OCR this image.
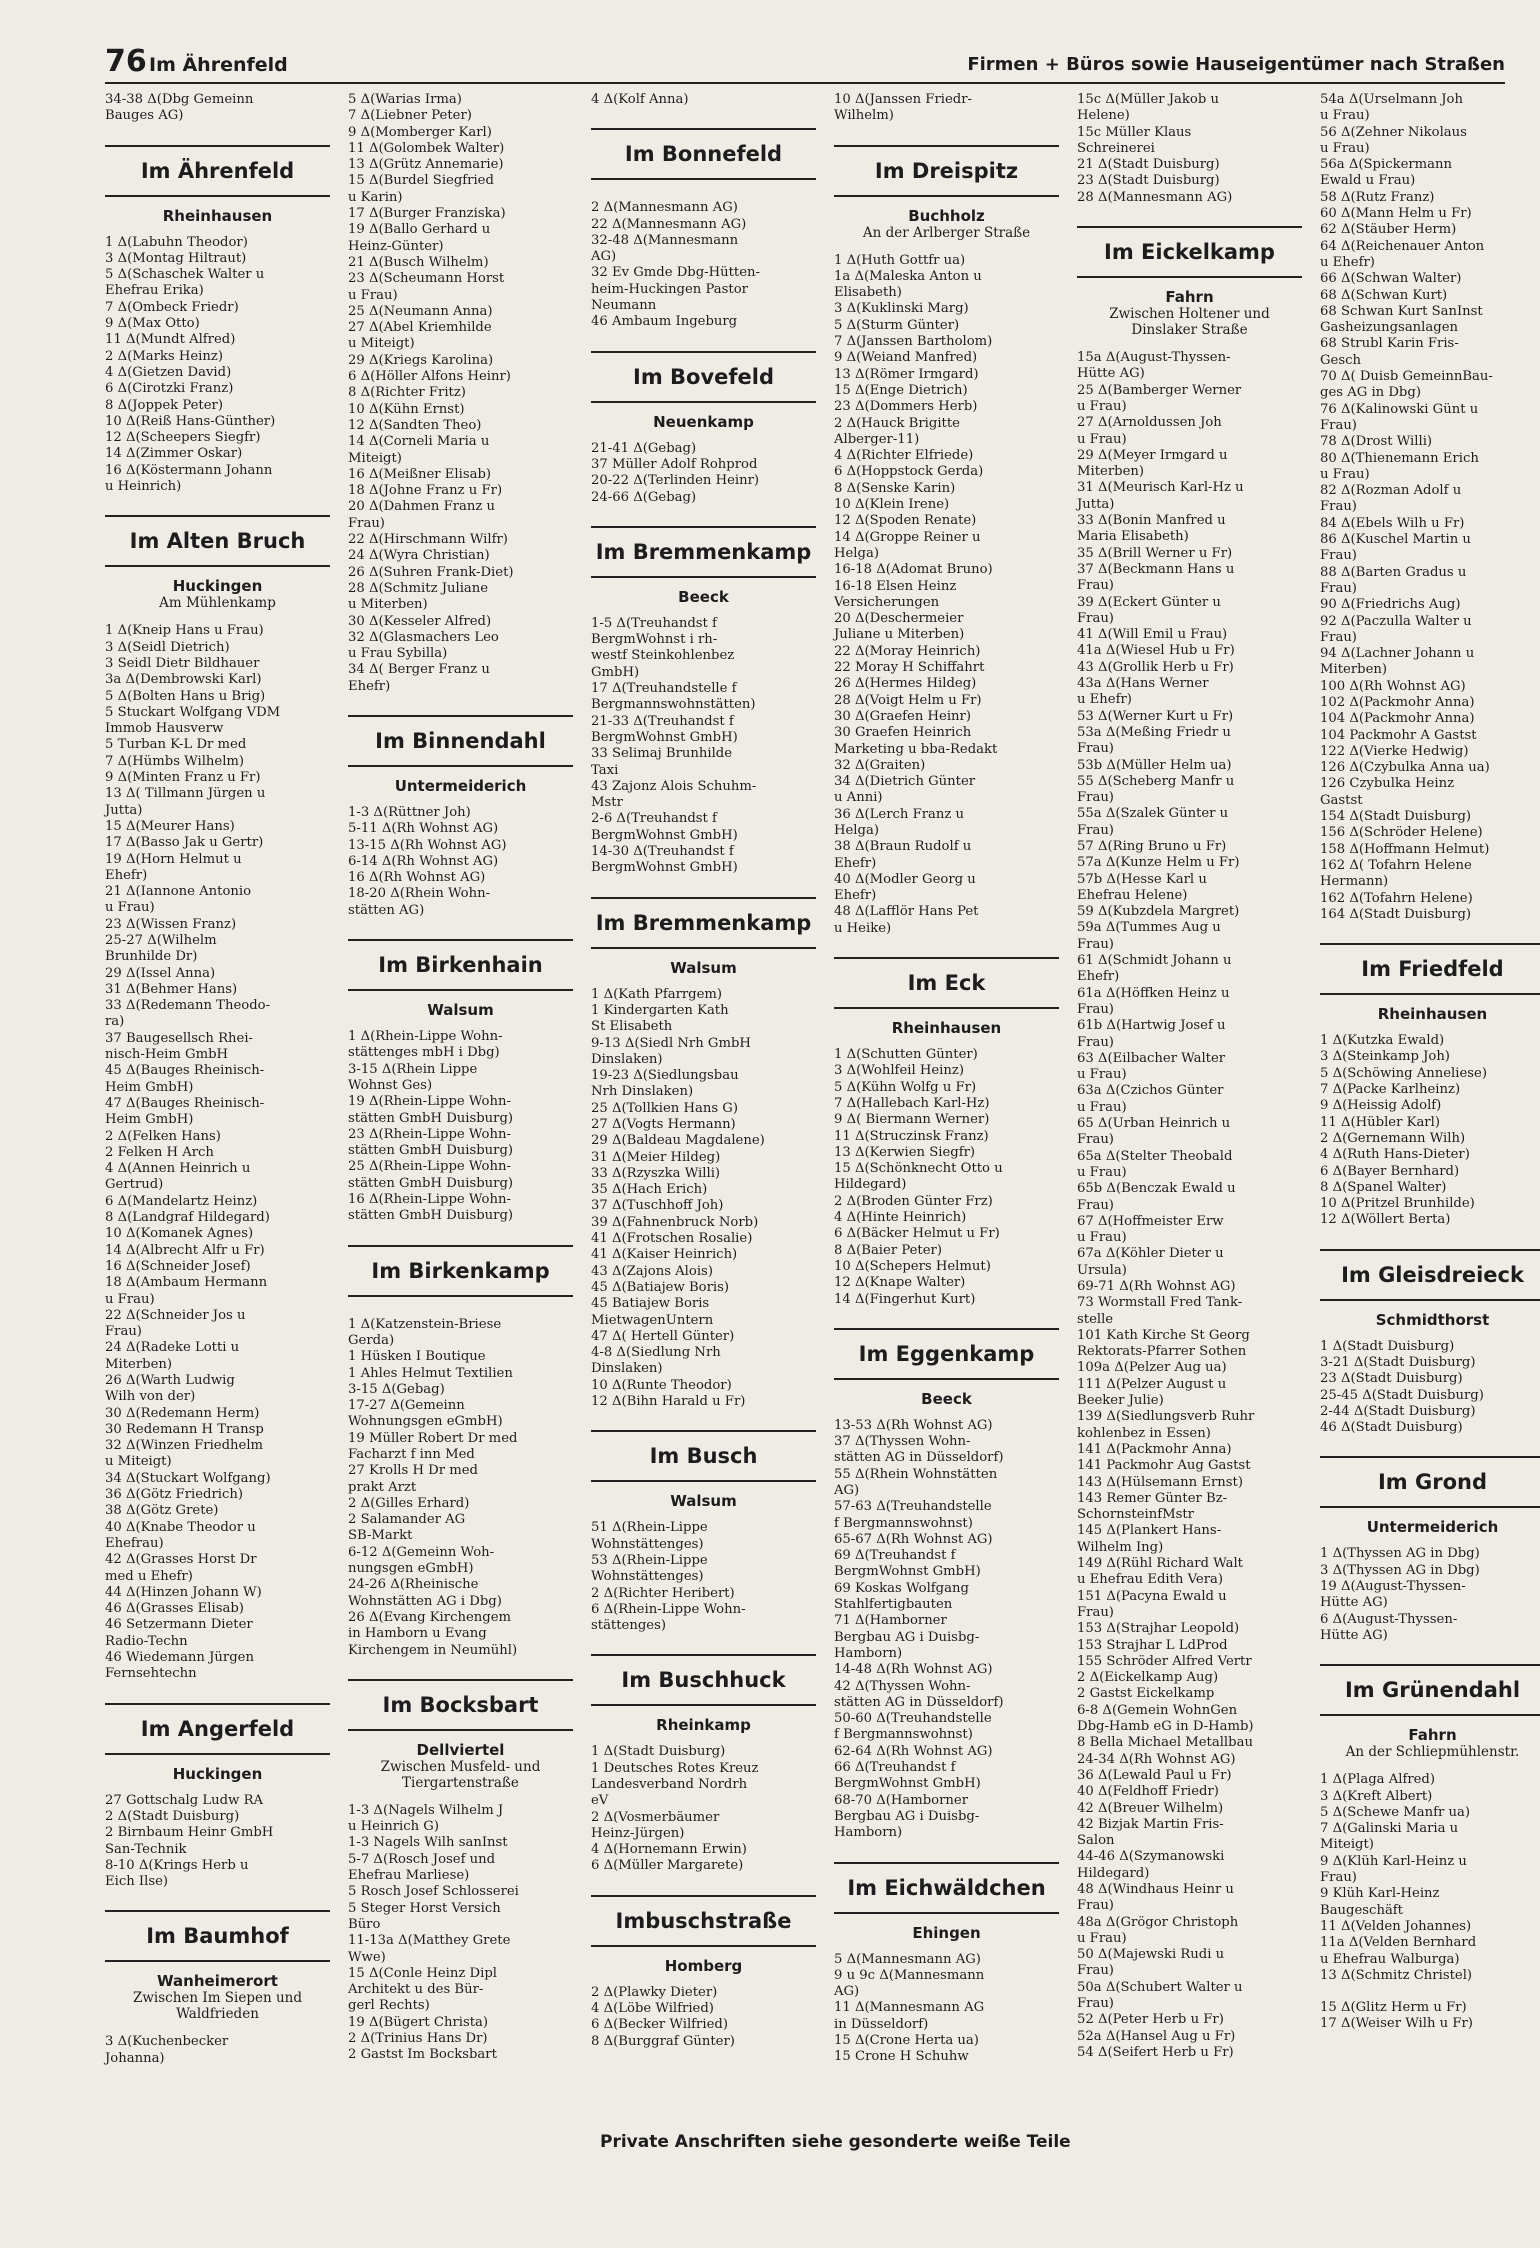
76 Im Ährenfeld	Firmen + Büros sowie Hauseigentümer nach Straßen
34-38 Δ(Dbg Gemeinn
Bauges AG)
Im Ährenfeld
Rheinhausen
1 Δ(Labuhn Theodor)
3 Δ(Montag Hiltraut)
5 Δ(Schaschek Walter u
Ehefrau Erika)
7 Δ(Ombeck Friedr)
9 Δ(Max Otto)
11 Δ(Mundt Alfred)
2 Δ(Marks Heinz)
4 Δ(Gietzen David)
6 Δ(Cirotzki Franz)
8 Δ(Joppek Peter)
10 Δ(Reiß Hans-Günther)
12 Δ(Scheepers Siegfr)
14 Δ(Zimmer Oskar)
16 Δ(Köstermann Johann
u Heinrich)
Im Alten Bruch
Huckingen
Am Mühlenkamp
1 Δ(Kneip Hans u Frau)
3 Δ(Seidl Dietrich)
3 Seidl Dietr Bildhauer
3a Δ(Dembrowski Karl)
5 Δ(Bolten Hans u Brig)
5 Stuckart Wolfgang VDM
Immob Hausverw
5 Turban K-L Dr med
7 Δ(Hümbs Wilhelm)
9 Δ(Minten Franz u Fr)
13 Δ( Tillmann Jürgen u
Jutta)
15 Δ(Meurer Hans)
17 Δ(Basso Jak u Gertr)
19 Δ(Horn Helmut u
Ehefr)
21 Δ(Iannone Antonio
u Frau)
23 Δ(Wissen Franz)
25-27 Δ(Wilhelm
Brunhilde Dr)
29 Δ(Issel Anna)
31 Δ(Behmer Hans)
33 Δ(Redemann Theodo-
ra)
37 Baugesellsch Rhei-
nisch-Heim GmbH
45 Δ(Bauges Rheinisch-
Heim GmbH)
47 Δ(Bauges Rheinisch-
Heim GmbH)
2 Δ(Felken Hans)
2 Felken H Arch
4 Δ(Annen Heinrich u
Gertrud)
6 Δ(Mandelartz Heinz)
8 Δ(Landgraf Hildegard)
10 Δ(Komanek Agnes)
14 Δ(Albrecht Alfr u Fr)
16 Δ(Schneider Josef)
18 Δ(Ambaum Hermann
u Frau)
22 Δ(Schneider Jos u
Frau)
24 Δ(Radeke Lotti u
Miterben)
26 Δ(Warth Ludwig
Wilh von der)
30 Δ(Redemann Herm)
30 Redemann H Transp
32 Δ(Winzen Friedhelm
u Miteigt)
34 Δ(Stuckart Wolfgang)
36 Δ(Götz Friedrich)
38 Δ(Götz Grete)
40 Δ(Knabe Theodor u
Ehefrau)
42 Δ(Grasses Horst Dr
med u Ehefr)
44 Δ(Hinzen Johann W)
46 Δ(Grasses Elisab)
46 Setzermann Dieter
Radio-Techn
46 Wiedemann Jürgen
Fernsehtechn
Im Angerfeld
Huckingen
27 Gottschalg Ludw RA
2 Δ(Stadt Duisburg)
2 Birnbaum Heinr GmbH
San-Technik
8-10 Δ(Krings Herb u
Eich Ilse)
Im Baumhof
Wanheimerort
Zwischen Im Siepen und Waldfrieden
3 Δ(Kuchenbecker
Johanna)
5 Δ(Warias Irma)
7 Δ(Liebner Peter)
9 Δ(Momberger Karl)
11 Δ(Golombek Walter)
13 Δ(Grütz Annemarie)
15 Δ(Burdel Siegfried
u Karin)
17 Δ(Burger Franziska)
19 Δ(Ballo Gerhard u
Heinz-Günter)
21 Δ(Busch Wilhelm)
23 Δ(Scheumann Horst
u Frau)
25 Δ(Neumann Anna)
27 Δ(Abel Kriemhilde
u Miteigt)
29 Δ(Kriegs Karolina)
6 Δ(Höller Alfons Heinr)
8 Δ(Richter Fritz)
10 Δ(Kühn Ernst)
12 Δ(Sandten Theo)
14 Δ(Corneli Maria u
Miteigt)
16 Δ(Meißner Elisab)
18 Δ(Johne Franz u Fr)
20 Δ(Dahmen Franz u
Frau)
22 Δ(Hirschmann Wilfr)
24 Δ(Wyra Christian)
26 Δ(Suhren Frank-Diet)
28 Δ(Schmitz Juliane
u Miterben)
30 Δ(Kesseler Alfred)
32 Δ(Glasmachers Leo
u Frau Sybilla)
34 Δ( Berger Franz u
Ehefr)
Im Binnendahl
Untermeiderich
1-3 Δ(Rüttner Joh)
5-11 Δ(Rh Wohnst AG)
13-15 Δ(Rh Wohnst AG)
6-14 Δ(Rh Wohnst AG)
16 Δ(Rh Wohnst AG)
18-20 Δ(Rhein Wohn-
stätten AG)
Im Birkenhain
Walsum
1 Δ(Rhein-Lippe Wohn-
stättenges mbH i Dbg)
3-15 Δ(Rhein Lippe
Wohnst Ges)
19 Δ(Rhein-Lippe Wohn-
stätten GmbH Duisburg)
23 Δ(Rhein-Lippe Wohn-
stätten GmbH Duisburg)
25 Δ(Rhein-Lippe Wohn-
stätten GmbH Duisburg)
16 Δ(Rhein-Lippe Wohn-
stätten GmbH Duisburg)
Im Birkenkamp
1 Δ(Katzenstein-Briese
Gerda)
1 Hüsken I Boutique
1 Ahles Helmut Textilien
3-15 Δ(Gebag)
17-27 Δ(Gemeinn
Wohnungsgen eGmbH)
19 Müller Robert Dr med
Facharzt f inn Med
27 Krolls H Dr med
prakt Arzt
2 Δ(Gilles Erhard)
2 Salamander AG
SB-Markt
6-12 Δ(Gemeinn Woh-
nungsgen eGmbH)
24-26 Δ(Rheinische
Wohnstätten AG i Dbg)
26 Δ(Evang Kirchengem
in Hamborn u Evang
Kirchengem in Neumühl)
Im Bocksbart
Dellviertel
Zwischen Musfeld- und Tiergartenstraße
1-3 Δ(Nagels Wilhelm J
u Heinrich G)
1-3 Nagels Wilh sanInst
5-7 Δ(Rosch Josef und
Ehefrau Marliese)
5 Rosch Josef Schlosserei
5 Steger Horst Versich
Büro
11-13a Δ(Matthey Grete
Wwe)
15 Δ(Conle Heinz Dipl
Architekt u des Bür-
gerl Rechts)
19 Δ(Bügert Christa)
2 Δ(Trinius Hans Dr)
2 Gastst Im Bocksbart
4 Δ(Kolf Anna)
Im Bonnefeld
2 Δ(Mannesmann AG)
22 Δ(Mannesmann AG)
32-48 Δ(Mannesmann
AG)
32 Ev Gmde Dbg-Hütten-
heim-Huckingen Pastor
Neumann
46 Ambaum Ingeburg
Im Bovefeld
Neuenkamp
21-41 Δ(Gebag)
37 Müller Adolf Rohprod
20-22 Δ(Terlinden Heinr)
24-66 Δ(Gebag)
Im Bremmenkamp
Beeck
1-5 Δ(Treuhandst f
BergmWohnst i rh-
westf Steinkohlenbez
GmbH)
17 Δ(Treuhandstelle f
Bergmannswohnstätten)
21-33 Δ(Treuhandst f
BergmWohnst GmbH)
33 Selimaj Brunhilde
Taxi
43 Zajonz Alois Schuhm-
Mstr
2-6 Δ(Treuhandst f
BergmWohnst GmbH)
14-30 Δ(Treuhandst f
BergmWohnst GmbH)
Im Bremmenkamp
Walsum
1 Δ(Kath Pfarrgem)
1 Kindergarten Kath
St Elisabeth
9-13 Δ(Siedl Nrh GmbH
Dinslaken)
19-23 Δ(Siedlungsbau
Nrh Dinslaken)
25 Δ(Tollkien Hans G)
27 Δ(Vogts Hermann)
29 Δ(Baldeau Magdalene)
31 Δ(Meier Hildeg)
33 Δ(Rzyszka Willi)
35 Δ(Hach Erich)
37 Δ(Tuschhoff Joh)
39 Δ(Fahnenbruck Norb)
41 Δ(Frotschen Rosalie)
41 Δ(Kaiser Heinrich)
43 Δ(Zajons Alois)
45 Δ(Batiajew Boris)
45 Batiajew Boris
MietwagenUntern
47 Δ( Hertell Günter)
4-8 Δ(Siedlung Nrh
Dinslaken)
10 Δ(Runte Theodor)
12 Δ(Bihn Harald u Fr)
Im Busch
Walsum
51 Δ(Rhein-Lippe
Wohnstättenges)
53 Δ(Rhein-Lippe
Wohnstättenges)
2 Δ(Richter Heribert)
6 Δ(Rhein-Lippe Wohn-
stättenges)
Im Buschhuck
Rheinkamp
1 Δ(Stadt Duisburg)
1 Deutsches Rotes Kreuz
Landesverband Nordrh
eV
2 Δ(Vosmerbäumer
Heinz-Jürgen)
4 Δ(Hornemann Erwin)
6 Δ(Müller Margarete)
Imbuschstraße
Homberg
2 Δ(Plawky Dieter)
4 Δ(Löbe Wilfried)
6 Δ(Becker Wilfried)
8 Δ(Burggraf Günter)
10 Δ(Janssen Friedr-
Wilhelm)
Im Dreispitz
Buchholz
An der Arlberger Straße
1 Δ(Huth Gottfr ua)
1a Δ(Maleska Anton u
Elisabeth)
3 Δ(Kuklinski Marg)
5 Δ(Sturm Günter)
7 Δ(Janssen Bartholom)
9 Δ(Weiand Manfred)
13 Δ(Römer Irmgard)
15 Δ(Enge Dietrich)
23 Δ(Dommers Herb)
2 Δ(Hauck Brigitte
Alberger-11)
4 Δ(Richter Elfriede)
6 Δ(Hoppstock Gerda)
8 Δ(Senske Karin)
10 Δ(Klein Irene)
12 Δ(Spoden Renate)
14 Δ(Groppe Reiner u
Helga)
16-18 Δ(Adomat Bruno)
16-18 Elsen Heinz
Versicherungen
20 Δ(Deschermeier
Juliane u Miterben)
22 Δ(Moray Heinrich)
22 Moray H Schiffahrt
26 Δ(Hermes Hildeg)
28 Δ(Voigt Helm u Fr)
30 Δ(Graefen Heinr)
30 Graefen Heinrich
Marketing u bba-Redakt
32 Δ(Graiten)
34 Δ(Dietrich Günter
u Anni)
36 Δ(Lerch Franz u
Helga)
38 Δ(Braun Rudolf u
Ehefr)
40 Δ(Modler Georg u
Ehefr)
48 Δ(Lafflör Hans Pet
u Heike)
Im Eck
Rheinhausen
1 Δ(Schutten Günter)
3 Δ(Wohlfeil Heinz)
5 Δ(Kühn Wolfg u Fr)
7 Δ(Hallebach Karl-Hz)
9 Δ( Biermann Werner)
11 Δ(Struczinsk Franz)
13 Δ(Kerwien Siegfr)
15 Δ(Schönknecht Otto u
Hildegard)
2 Δ(Broden Günter Frz)
4 Δ(Hinte Heinrich)
6 Δ(Bäcker Helmut u Fr)
8 Δ(Baier Peter)
10 Δ(Schepers Helmut)
12 Δ(Knape Walter)
14 Δ(Fingerhut Kurt)
Im Eggenkamp
Beeck
13-53 Δ(Rh Wohnst AG)
37 Δ(Thyssen Wohn-
stätten AG in Düsseldorf)
55 Δ(Rhein Wohnstätten
AG)
57-63 Δ(Treuhandstelle
f Bergmannswohnst)
65-67 Δ(Rh Wohnst AG)
69 Δ(Treuhandst f
BergmWohnst GmbH)
69 Koskas Wolfgang
Stahlfertigbauten
71 Δ(Hamborner
Bergbau AG i Duisbg-
Hamborn)
14-48 Δ(Rh Wohnst AG)
42 Δ(Thyssen Wohn-
stätten AG in Düsseldorf)
50-60 Δ(Treuhandstelle
f Bergmannswohnst)
62-64 Δ(Rh Wohnst AG)
66 Δ(Treuhandst f
BergmWohnst GmbH)
68-70 Δ(Hamborner
Bergbau AG i Duisbg-
Hamborn)
Im Eichwäldchen
Ehingen
5 Δ(Mannesmann AG)
9 u 9c Δ(Mannesmann
AG)
11 Δ(Mannesmann AG
in Düsseldorf)
15 Δ(Crone Herta ua)
15 Crone H Schuhw
15c Δ(Müller Jakob u
Helene)
15c Müller Klaus
Schreinerei
21 Δ(Stadt Duisburg)
23 Δ(Stadt Duisburg)
28 Δ(Mannesmann AG)
Im Eickelkamp
Fahrn
Zwischen Holtener und Dinslaker Straße
15a Δ(August-Thyssen-
Hütte AG)
25 Δ(Bamberger Werner
u Frau)
27 Δ(Arnoldussen Joh
u Frau)
29 Δ(Meyer Irmgard u
Miterben)
31 Δ(Meurisch Karl-Hz u
Jutta)
33 Δ(Bonin Manfred u
Maria Elisabeth)
35 Δ(Brill Werner u Fr)
37 Δ(Beckmann Hans u
Frau)
39 Δ(Eckert Günter u
Frau)
41 Δ(Will Emil u Frau)
41a Δ(Wiesel Hub u Fr)
43 Δ(Grollik Herb u Fr)
43a Δ(Hans Werner
u Ehefr)
53 Δ(Werner Kurt u Fr)
53a Δ(Meßing Friedr u
Frau)
53b Δ(Müller Helm ua)
55 Δ(Scheberg Manfr u
Frau)
55a Δ(Szalek Günter u
Frau)
57 Δ(Ring Bruno u Fr)
57a Δ(Kunze Helm u Fr)
57b Δ(Hesse Karl u
Ehefrau Helene)
59 Δ(Kubzdela Margret)
59a Δ(Tummes Aug u
Frau)
61 Δ(Schmidt Johann u
Ehefr)
61a Δ(Höffken Heinz u
Frau)
61b Δ(Hartwig Josef u
Frau)
63 Δ(Eilbacher Walter
u Frau)
63a Δ(Czichos Günter
u Frau)
65 Δ(Urban Heinrich u
Frau)
65a Δ(Stelter Theobald
u Frau)
65b Δ(Benczak Ewald u
Frau)
67 Δ(Hoffmeister Erw
u Frau)
67a Δ(Köhler Dieter u
Ursula)
69-71 Δ(Rh Wohnst AG)
73 Wormstall Fred Tank-
stelle
101 Kath Kirche St Georg
Rektorats-Pfarrer Sothen
109a Δ(Pelzer Aug ua)
111 Δ(Pelzer August u
Beeker Julie)
139 Δ(Siedlungsverb Ruhr
kohlenbez in Essen)
141 Δ(Packmohr Anna)
141 Packmohr Aug Gastst
143 Δ(Hülsemann Ernst)
143 Remer Günter Bz-
SchornsteinfMstr
145 Δ(Plankert Hans-
Wilhelm Ing)
149 Δ(Rühl Richard Walt
u Ehefrau Edith Vera)
151 Δ(Pacyna Ewald u
Frau)
153 Δ(Strajhar Leopold)
153 Strajhar L LdProd
155 Schröder Alfred Vertr
2 Δ(Eickelkamp Aug)
2 Gastst Eickelkamp
6-8 Δ(Gemein WohnGen
Dbg-Hamb eG in D-Hamb)
8 Bella Michael Metallbau
24-34 Δ(Rh Wohnst AG)
36 Δ(Lewald Paul u Fr)
40 Δ(Feldhoff Friedr)
42 Δ(Breuer Wilhelm)
42 Bizjak Martin Fris-
Salon
44-46 Δ(Szymanowski
Hildegard)
48 Δ(Windhaus Heinr u
Frau)
48a Δ(Grögor Christoph
u Frau)
50 Δ(Majewski Rudi u
Frau)
50a Δ(Schubert Walter u
Frau)
52 Δ(Peter Herb u Fr)
52a Δ(Hansel Aug u Fr)
54 Δ(Seifert Herb u Fr)
54a Δ(Urselmann Joh
u Frau)
56 Δ(Zehner Nikolaus
u Frau)
56a Δ(Spickermann
Ewald u Frau)
58 Δ(Rutz Franz)
60 Δ(Mann Helm u Fr)
62 Δ(Stäuber Herm)
64 Δ(Reichenauer Anton
u Ehefr)
66 Δ(Schwan Walter)
68 Δ(Schwan Kurt)
68 Schwan Kurt SanInst
Gasheizungsanlagen
68 Strubl Karin Fris-
Gesch
70 Δ( Duisb GemeinnBau-
ges AG in Dbg)
76 Δ(Kalinowski Günt u
Frau)
78 Δ(Drost Willi)
80 Δ(Thienemann Erich
u Frau)
82 Δ(Rozman Adolf u
Frau)
84 Δ(Ebels Wilh u Fr)
86 Δ(Kuschel Martin u
Frau)
88 Δ(Barten Gradus u
Frau)
90 Δ(Friedrichs Aug)
92 Δ(Paczulla Walter u
Frau)
94 Δ(Lachner Johann u
Miterben)
100 Δ(Rh Wohnst AG)
102 Δ(Packmohr Anna)
104 Δ(Packmohr Anna)
104 Packmohr A Gastst
122 Δ(Vierke Hedwig)
126 Δ(Czybulka Anna ua)
126 Czybulka Heinz
Gastst
154 Δ(Stadt Duisburg)
156 Δ(Schröder Helene)
158 Δ(Hoffmann Helmut)
162 Δ( Tofahrn Helene
Hermann)
162 Δ(Tofahrn Helene)
164 Δ(Stadt Duisburg)
Im Friedfeld
Rheinhausen
1 Δ(Kutzka Ewald)
3 Δ(Steinkamp Joh)
5 Δ(Schöwing Anneliese)
7 Δ(Packe Karlheinz)
9 Δ(Heissig Adolf)
11 Δ(Hübler Karl)
2 Δ(Gernemann Wilh)
4 Δ(Ruth Hans-Dieter)
6 Δ(Bayer Bernhard)
8 Δ(Spanel Walter)
10 Δ(Pritzel Brunhilde)
12 Δ(Wöllert Berta)
Im Gleisdreieck
Schmidthorst
1 Δ(Stadt Duisburg)
3-21 Δ(Stadt Duisburg)
23 Δ(Stadt Duisburg)
25-45 Δ(Stadt Duisburg)
2-44 Δ(Stadt Duisburg)
46 Δ(Stadt Duisburg)
Im Grond
Untermeiderich
1 Δ(Thyssen AG in Dbg)
3 Δ(Thyssen AG in Dbg)
19 Δ(August-Thyssen-
Hütte AG)
6 Δ(August-Thyssen-
Hütte AG)
Im Grünendahl
Fahrn
An der Schliepmühlenstr.
1 Δ(Plaga Alfred)
3 Δ(Kreft Albert)
5 Δ(Schewe Manfr ua)
7 Δ(Galinski Maria u
Miteigt)
9 Δ(Klüh Karl-Heinz u
Frau)
9 Klüh Karl-Heinz
Baugeschäft
11 Δ(Velden Johannes)
11a Δ(Velden Bernhard
u Ehefrau Walburga)
13 Δ(Schmitz Christel)
15 Δ(Glitz Herm u Fr)
17 Δ(Weiser Wilh u Fr)
Private Anschriften siehe gesonderte weiße Teile
